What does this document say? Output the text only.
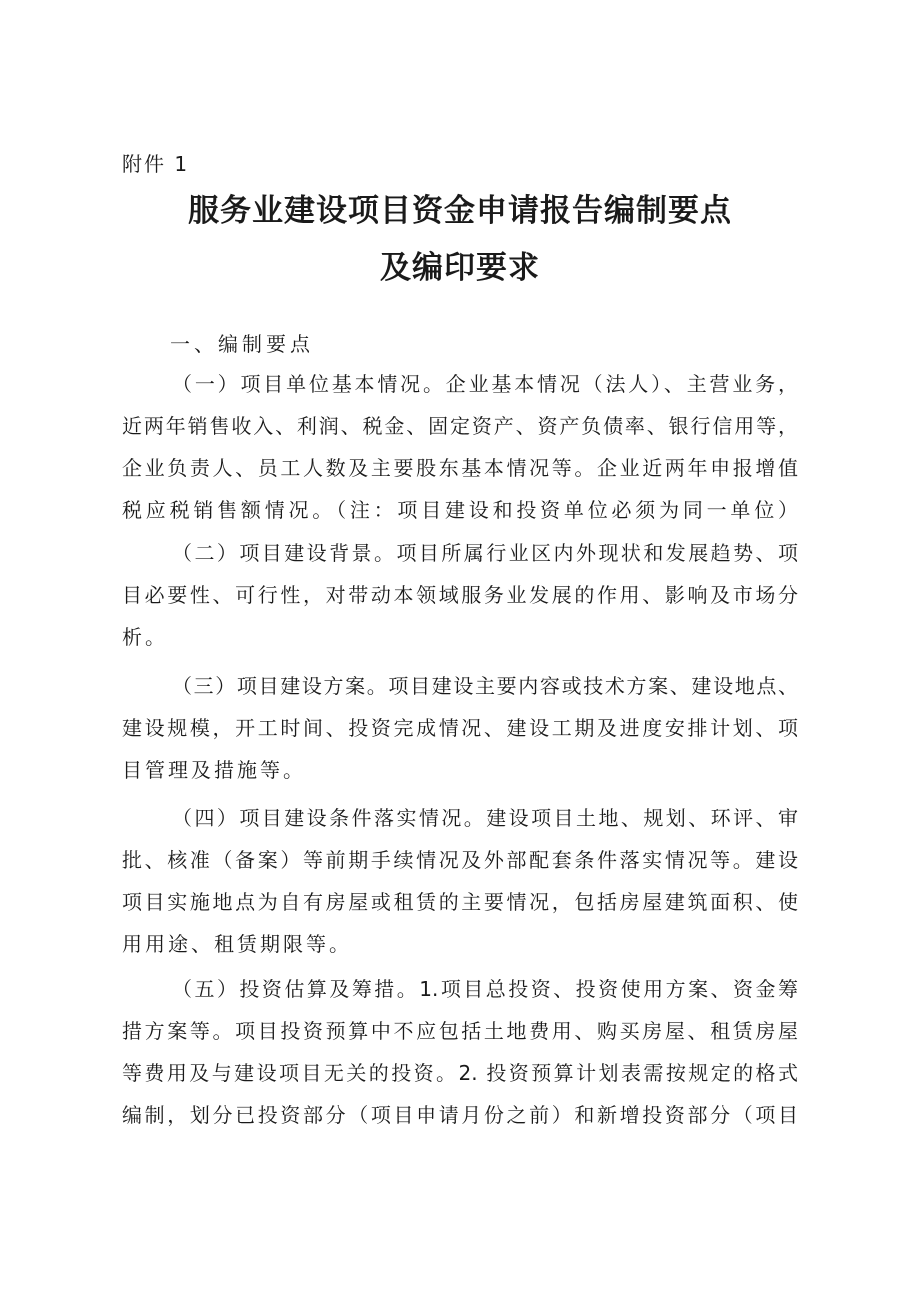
附件 1
服务业建设项目资金申请报告编制要点
及编印要求
一、编制要点
（一）项目单位基本情况。企业基本情况（法人）、主营业务，
近两年销售收入、利润、税金、固定资产、资产负债率、银行信用等，
企业负责人、员工人数及主要股东基本情况等。企业近两年申报增值
税应税销售额情况。（注：项目建设和投资单位必须为同一单位）
（二）项目建设背景。项目所属行业区内外现状和发展趋势、项
目必要性、可行性，对带动本领域服务业发展的作用、影响及市场分
析。
（三）项目建设方案。项目建设主要内容或技术方案、建设地点、
建设规模，开工时间、投资完成情况、建设工期及进度安排计划、项
目管理及措施等。
（四）项目建设条件落实情况。建设项目土地、规划、环评、审
批、核准（备案）等前期手续情况及外部配套条件落实情况等。建设
项目实施地点为自有房屋或租赁的主要情况，包括房屋建筑面积、使
用用途、租赁期限等。
（五）投资估算及筹措。1.项目总投资、投资使用方案、资金筹
措方案等。项目投资预算中不应包括土地费用、购买房屋、租赁房屋
等费用及与建设项目无关的投资。2. 投资预算计划表需按规定的格式
编制，划分已投资部分（项目申请月份之前）和新增投资部分（项目
